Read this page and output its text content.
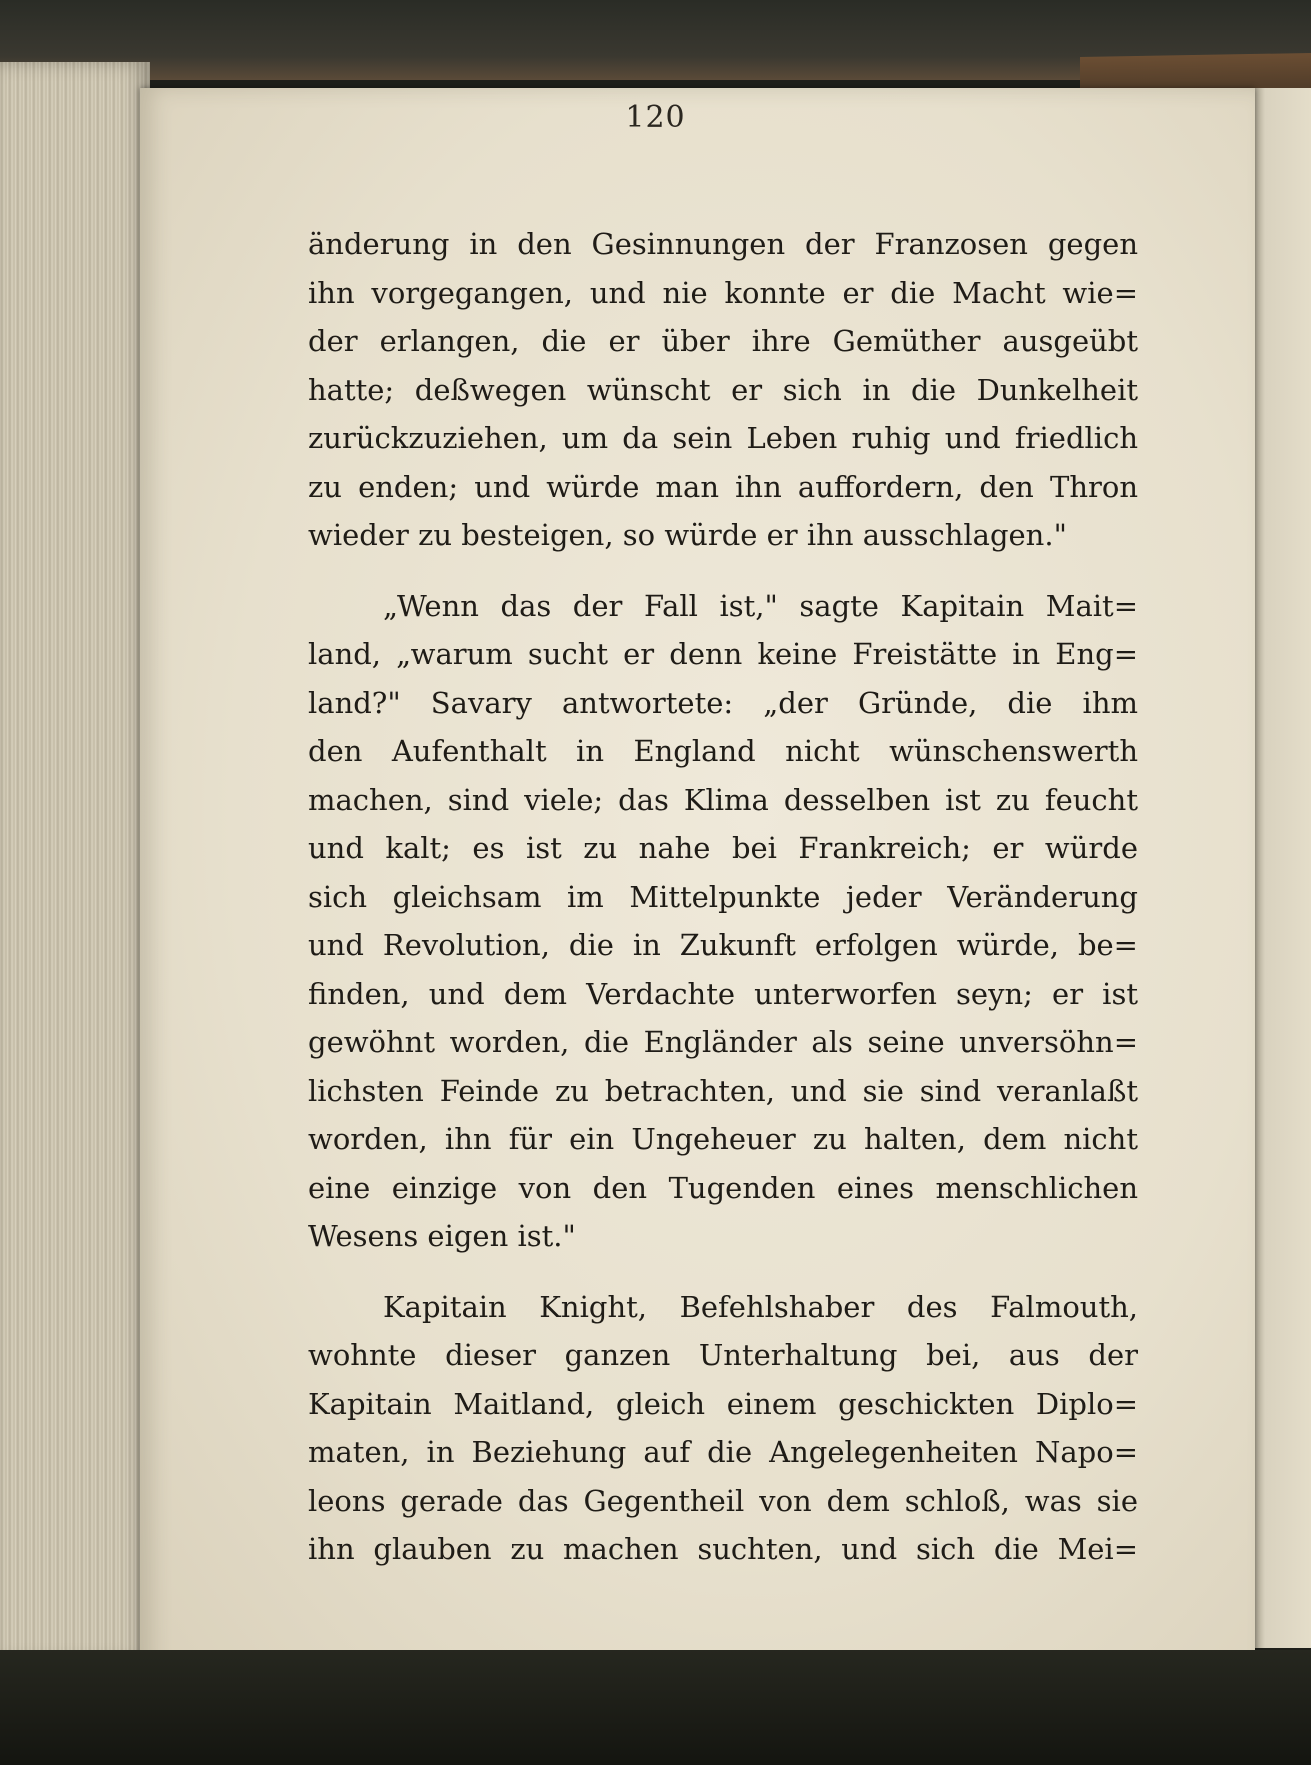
120
änderung in den Gesinnungen der Franzosen gegen
ihn vorgegangen, und nie konnte er die Macht wie=
der erlangen, die er über ihre Gemüther ausgeübt
hatte; deßwegen wünscht er sich in die Dunkelheit
zurückzuziehen, um da sein Leben ruhig und friedlich
zu enden; und würde man ihn auffordern, den Thron
wieder zu besteigen, so würde er ihn ausschlagen."
„Wenn das der Fall ist," sagte Kapitain Mait=
land, „warum sucht er denn keine Freistätte in Eng=
land?" Savary antwortete: „der Gründe, die ihm
den Aufenthalt in England nicht wünschenswerth
machen, sind viele; das Klima desselben ist zu feucht
und kalt; es ist zu nahe bei Frankreich; er würde
sich gleichsam im Mittelpunkte jeder Veränderung
und Revolution, die in Zukunft erfolgen würde, be=
finden, und dem Verdachte unterworfen seyn; er ist
gewöhnt worden, die Engländer als seine unversöhn=
lichsten Feinde zu betrachten, und sie sind veranlaßt
worden, ihn für ein Ungeheuer zu halten, dem nicht
eine einzige von den Tugenden eines menschlichen
Wesens eigen ist."
Kapitain Knight, Befehlshaber des Falmouth,
wohnte dieser ganzen Unterhaltung bei, aus der
Kapitain Maitland, gleich einem geschickten Diplo=
maten, in Beziehung auf die Angelegenheiten Napo=
leons gerade das Gegentheil von dem schloß, was sie
ihn glauben zu machen suchten, und sich die Mei=
